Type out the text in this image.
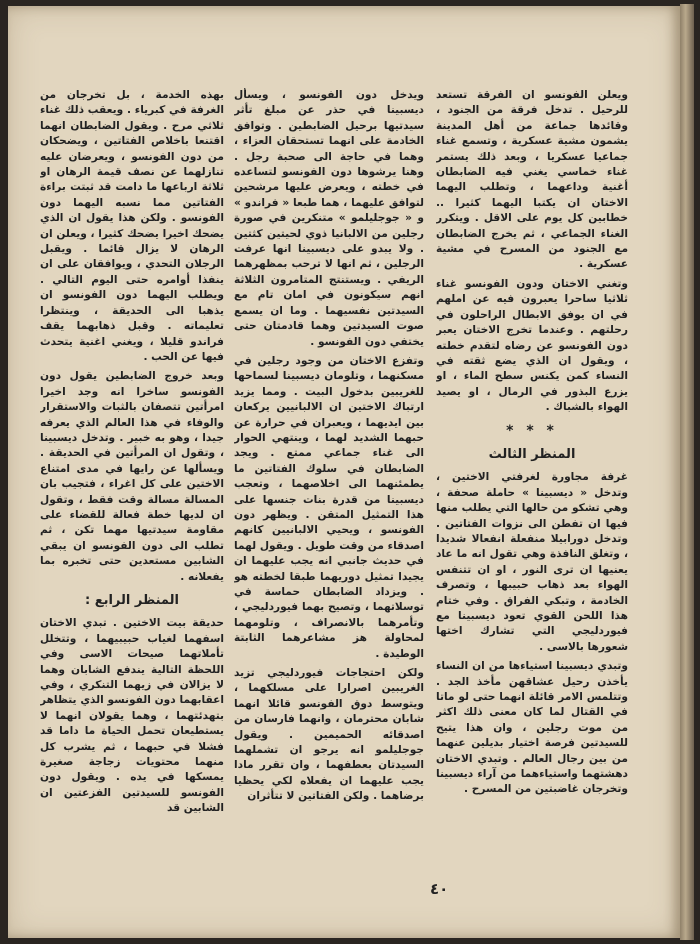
ويعلن الفونسو ان الفرقة تستعد للرحيل . تدخل فرقة من الجنود ، وقائدها جماعة من أهل المدينة يشمون مشية عسكرية ، وتسمع غناء جماعيا عسكريا ، وبعد ذلك يستمر غناء خماسي يغني فيه الضابطان أغنية وداعهما ، وتطلب اليهما الاختان ان يكتبا اليهما كثيرا .. خطابين كل يوم على الاقل . ويتكرر الغناء الجماعي ، ثم يخرج الضابطان مع الجنود من المسرح في مشية عسكرية .

وتغني الاختان ودون الفونسو غناء ثلاثيا ساحرا يعبرون فيه عن املهم في ان يوفق الابطال الراحلون في رحلتهم . وعندما تخرج الاختان يعبر دون الفونسو عن رضاه لتقدم خطته ، ويقول ان الذي يضع ثقته في النساء كمن يكنس سطح الماء ، او يزرع البذور في الرمال ، او يصيد الهواء بالشباك .

* * *
المنظر الثالث

غرفة مجاورة لغرفتي الاختين ، وتدخل « ديسبينا » حاملة صحفة ، وهي تشكو من حالها التي يطلب منها فيها ان تفطن الى نزوات الفتاتين . وتدخل دورابيلا منفعلة انفعالا شديدا ، وتغلق النافذة وهي تقول انه ما عاد يعنيها ان ترى النور ، او ان تتنفس الهواء بعد ذهاب حبيبها ، وتصرف الخادمة ، وتبكي الفراق . وفي ختام هذا اللحن القوي تعود ديسبينا مع فيوردليجي التي تشارك اختها شعورها بالاسى .

وتبدي ديسبينا استياءها من ان النساء يأخذن رحيل عشاقهن مأخذ الجد . وتتلمس الامر قائلة انهما حتى لو ماتا في القتال لما كان معنى ذلك اكثر من موت رجلين ، وان هذا يتيح للسيدتين فرصة اختيار بديلين عنهما من بين رجال العالم . وتبدي الاختان دهشتهما واستياءهما من آراء ديسبينا وتخرجان غاضبتين من المسرح .

ويدخل دون الفونسو ، ويسأل ديسبينا في حذر عن مبلغ تأثر سيدتيها برحيل الضابطين . وتوافق الخادمة على انهما تستحقان العزاء ، وهما في حاجة الى صحبة رجل . وهنا يرشوها دون الفونسو لتساعده في خطته ، ويعرض عليها مرشحين لتوافق عليهما ، هما طبعا « فراندو » و « جوجليلمو » متنكرين في صورة رجلين من الالبانيا ذوي لحيتين كثتين . ولا يبدو على ديسبينا انها عرفت الرجلين ، ثم انها لا ترحب بمظهرهما الريفي . ويستنتج المتامرون الثلاثة انهم سيكونون في امان تام مع السيدتين نفسيهما . وما ان يسمع صوت السيدتين وهما قادمتان حتى يختفي دون الفونسو .

وتفزع الاختان من وجود رجلين في مسكنهما ، وتلومان ديسبينا لسماحها للغريبين بدخول البيت . ومما يزيد ارتباك الاختين ان الالبانيين يركعان بين ايديهما ، ويعبران في حرارة عن حبهما الشديد لهما ، وينتهي الحوار الى غناء جماعي ممتع . ويجد الضابطان في سلوك الفتاتين ما يطمئنهما الى اخلاصهما ، وتعجب ديسبينا من قدرة بنات جنسها على هذا التمثيل المتقن . ويظهر دون الفونسو ، ويحيي الالبانيين كانهم اصدقاء من وقت طويل . ويقول لهما في حديث جانبي انه يجب عليهما ان يجيدا تمثيل دوريهما طبقا لخطته هو . ويزداد الضابطان حماسة في توسلاتهما ، وتصيح بهما فيوردليجي ، وتأمرهما بالانصراف ، وتلومهما لمحاولة هز مشاعرهما الثابتة الوطيدة .

ولكن احتجاجات فيوردليجي تزيد الغريبين اصرارا على مسلكهما ، ويتوسط دوق الفونسو قائلا انهما شابان محترمان ، وانهما فارسان من اصدقائه الحميمين . ويقول جوجليلمو انه يرجو ان تشملهما السيدتان بعطفهما ، وان تقرر مادا يجب عليهما ان يفعلاه لكي يحظيا برضاهما . ولكن الفتاتين لا تتأثران

بهذه الخدمة ، بل تخرجان من الغرفة في كبرياء . ويعقب ذلك غناء ثلاثي مرح . ويقول الضابطان انهما اقتنعا باخلاص الفتاتين ، ويضحكان من دون الفونسو ، ويعرضان عليه تنازلهما عن نصف قيمة الرهان او ثلاثة ارباعها ما دامت قد ثبتت براءة الفتاتين مما نسبه اليهما دون الفونسو . ولكن هذا يقول ان الذي يضحك اخيرا يضحك كثيرا ، ويعلن ان الرهان لا يزال قائما . ويقبل الرجلان التحدي ، ويوافقان على ان ينفذا أوامره حتى اليوم التالي . ويطلب اليهما دون الفونسو ان يذهبا الى الحديقة ، وينتظرا تعليماته . وقبل ذهابهما يقف فراندو قليلا ، ويغني اغنية يتحدث فيها عن الحب .

وبعد خروج الضابطين يقول دون الفونسو ساخرا انه وجد اخيرا امرأتين تتصفان بالثبات والاستقرار والوفاء في هذا العالم الذي يعرفه جيدا ، وهو به خبير . وتدخل ديسبينا ، وتقول ان المرأتين في الحديقة . ويسألها عن رايها في مدى امتناع الاختين على كل اغراء ، فتجيب بان المسالة مسالة وقت فقط ، وتقول ان لديها خطة فعالة للقضاء على مقاومة سيدتيها مهما تكن ، ثم تطلب الى دون الفونسو ان يبقي الشابين مستعدين حتى تخبره بما يفعلانه .

المنظر الرابع :

حديقة بيت الاختين . تبدي الاختان اسفهما لغياب حبيبيهما ، وتتخلل تأملاتهما صيحات الاسى وفي اللحظة التالية يندفع الشابان وهما لا يزالان في زيهما التنكري ، وفي اعقابهما دون الفونسو الذي يتظاهر بتهدئتهما ، وهما يقولان انهما لا يستطيعان تحمل الحياة ما داما قد فشلا في حبهما ، ثم يشرب كل منهما محتويات زجاجة صغيرة يمسكها في يده . ويقول دون الفونسو للسيدتين الفزعتين ان الشابين قد

٤٠
